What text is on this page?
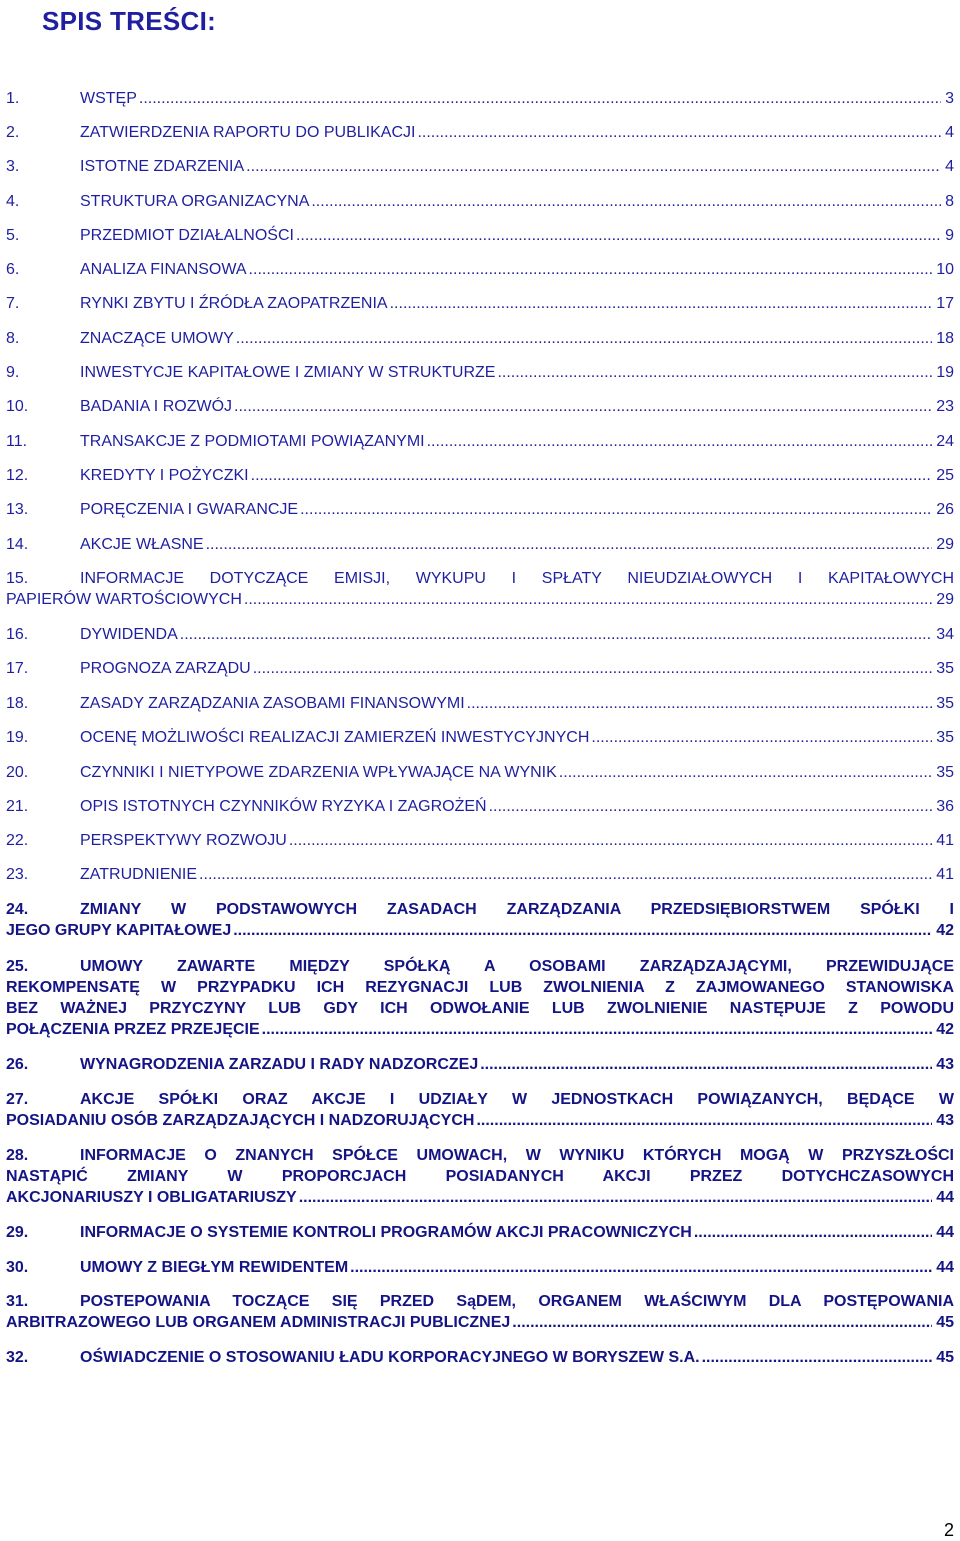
SPIS TREŚCI:
1.	WSTĘP .....	3
2.	ZATWIERDZENIA RAPORTU DO PUBLIKACJI .....	4
3.	ISTOTNE ZDARZENIA .....	4
4.	STRUKTURA ORGANIZACYNA .....	8
5.	PRZEDMIOT DZIAŁALNOŚCI .....	9
6.	ANALIZA FINANSOWA .....	10
7.	RYNKI ZBYTU I ŹRÓDŁA ZAOPATRZENIA .....	17
8.	ZNACZĄCE UMOWY .....	18
9.	INWESTYCJE KAPITAŁOWE I ZMIANY W STRUKTURZE .....	19
10.	BADANIA I ROZWÓJ .....	23
11.	TRANSAKCJE Z PODMIOTAMI POWIĄZANYMI .....	24
12.	KREDYTY I POŻYCZKI .....	25
13.	PORĘCZENIA I GWARANCJE .....	26
14.	AKCJE WŁASNE .....	29
15.	INFORMACJE DOTYCZĄCE EMISJI, WYKUPU I SPŁATY NIEUDZIAŁOWYCH I KAPITAŁOWYCH
PAPIERÓW WARTOŚCIOWYCH .....	29
16.	DYWIDENDA .....	34
17.	PROGNOZA ZARZĄDU .....	35
18.	ZASADY ZARZĄDZANIA ZASOBAMI FINANSOWYMI .....	35
19.	OCENĘ MOŻLIWOŚCI REALIZACJI ZAMIERZEŃ INWESTYCYJNYCH .....	35
20.	CZYNNIKI I NIETYPOWE ZDARZENIA WPŁYWAJĄCE NA WYNIK .....	35
21.	OPIS ISTOTNYCH CZYNNIKÓW RYZYKA I ZAGROŻEŃ .....	36
22.	PERSPEKTYWY ROZWOJU .....	41
23.	ZATRUDNIENIE .....	41
24.	ZMIANY W PODSTAWOWYCH ZASADACH ZARZĄDZANIA PRZEDSIĘBIORSTWEM SPÓŁKI I
JEGO GRUPY KAPITAŁOWEJ .....	42
25.	UMOWY ZAWARTE MIĘDZY SPÓŁKĄ A OSOBAMI ZARZĄDZAJĄCYMI, PRZEWIDUJĄCE
REKOMPENSATĘ W PRZYPADKU ICH REZYGNACJI LUB ZWOLNIENIA Z ZAJMOWANEGO STANOWISKA
BEZ WAŻNEJ PRZYCZYNY LUB GDY ICH ODWOŁANIE LUB ZWOLNIENIE NASTĘPUJE Z POWODU
POŁĄCZENIA PRZEZ PRZEJĘCIE .....	42
26.	WYNAGRODZENIA ZARZADU I RADY NADZORCZEJ .....	43
27.	AKCJE SPÓŁKI ORAZ AKCJE I UDZIAŁY W JEDNOSTKACH POWIĄZANYCH, BĘDĄCE W
POSIADANIU OSÓB ZARZĄDZAJĄCYCH I NADZORUJĄCYCH .....	43
28.	INFORMACJE O ZNANYCH SPÓŁCE UMOWACH, W WYNIKU KTÓRYCH MOGĄ W PRZYSZŁOŚCI
NASTĄPIĆ ZMIANY W PROPORCJACH POSIADANYCH AKCJI PRZEZ DOTYCHCZASOWYCH
AKCJONARIUSZY I OBLIGATARIUSZY .....	44
29.	INFORMACJE O SYSTEMIE KONTROLI PROGRAMÓW AKCJI PRACOWNICZYCH .....	44
30.	UMOWY Z BIEGŁYM REWIDENTEM .....	44
31.	POSTEPOWANIA TOCZĄCE SIĘ PRZED SąDEM, ORGANEM WŁAŚCIWYM DLA POSTĘPOWANIA
ARBITRAZOWEGO LUB ORGANEM ADMINISTRACJI PUBLICZNEJ .....	45
32.	OŚWIADCZENIE O STOSOWANIU ŁADU KORPORACYJNEGO W BORYSZEW S.A. .....	45
2
